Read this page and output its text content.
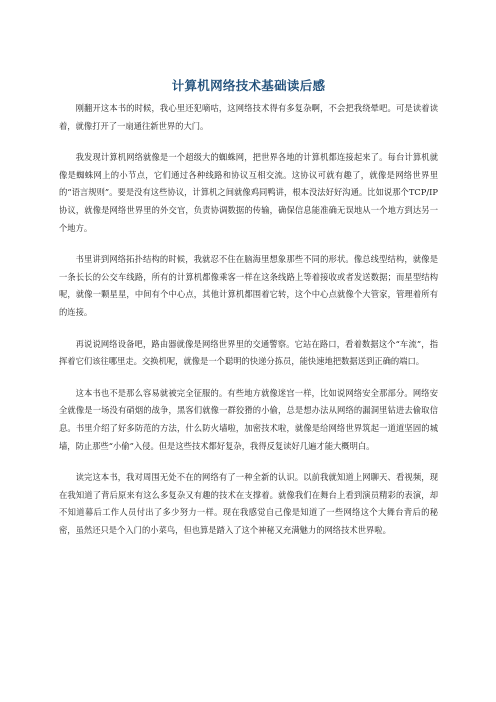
计算机网络技术基础读后感

刚翻开这本书的时候，我心里还犯嘀咕，这网络技术得有多复杂啊，不会把我绕晕吧。可是读着读着，就像打开了一扇通往新世界的大门。

我发现计算机网络就像是一个超级大的蜘蛛网，把世界各地的计算机都连接起来了。每台计算机就像是蜘蛛网上的小节点，它们通过各种线路和协议互相交流。这协议可就有趣了，就像是网络世界里的“语言规则”。要是没有这些协议，计算机之间就像鸡同鸭讲，根本没法好好沟通。比如说那个TCP/IP协议，就像是网络世界里的外交官，负责协调数据的传输，确保信息能准确无误地从一个地方到达另一个地方。

书里讲到网络拓扑结构的时候，我就忍不住在脑海里想象那些不同的形状。像总线型结构，就像是一条长长的公交车线路，所有的计算机都像乘客一样在这条线路上等着接收或者发送数据；而星型结构呢，就像一颗星星，中间有个中心点，其他计算机都围着它转，这个中心点就像个大管家，管理着所有的连接。

再说说网络设备吧，路由器就像是网络世界里的交通警察。它站在路口，看着数据这个“车流”，指挥着它们该往哪里走。交换机呢，就像是一个聪明的快递分拣员，能快速地把数据送到正确的端口。

这本书也不是那么容易就被完全征服的。有些地方就像迷宫一样，比如说网络安全那部分。网络安全就像是一场没有硝烟的战争，黑客们就像一群狡猾的小偷，总是想办法从网络的漏洞里钻进去偷取信息。书里介绍了好多防范的方法，什么防火墙啦，加密技术啦，就像是给网络世界筑起一道道坚固的城墙，防止那些“小偷”入侵。但是这些技术都好复杂，我得反复读好几遍才能大概明白。

读完这本书，我对周围无处不在的网络有了一种全新的认识。以前我就知道上网聊天、看视频，现在我知道了背后原来有这么多复杂又有趣的技术在支撑着。就像我们在舞台上看到演员精彩的表演，却不知道幕后工作人员付出了多少努力一样。现在我感觉自己像是知道了一些网络这个大舞台背后的秘密，虽然还只是个入门的小菜鸟，但也算是踏入了这个神秘又充满魅力的网络技术世界啦。
